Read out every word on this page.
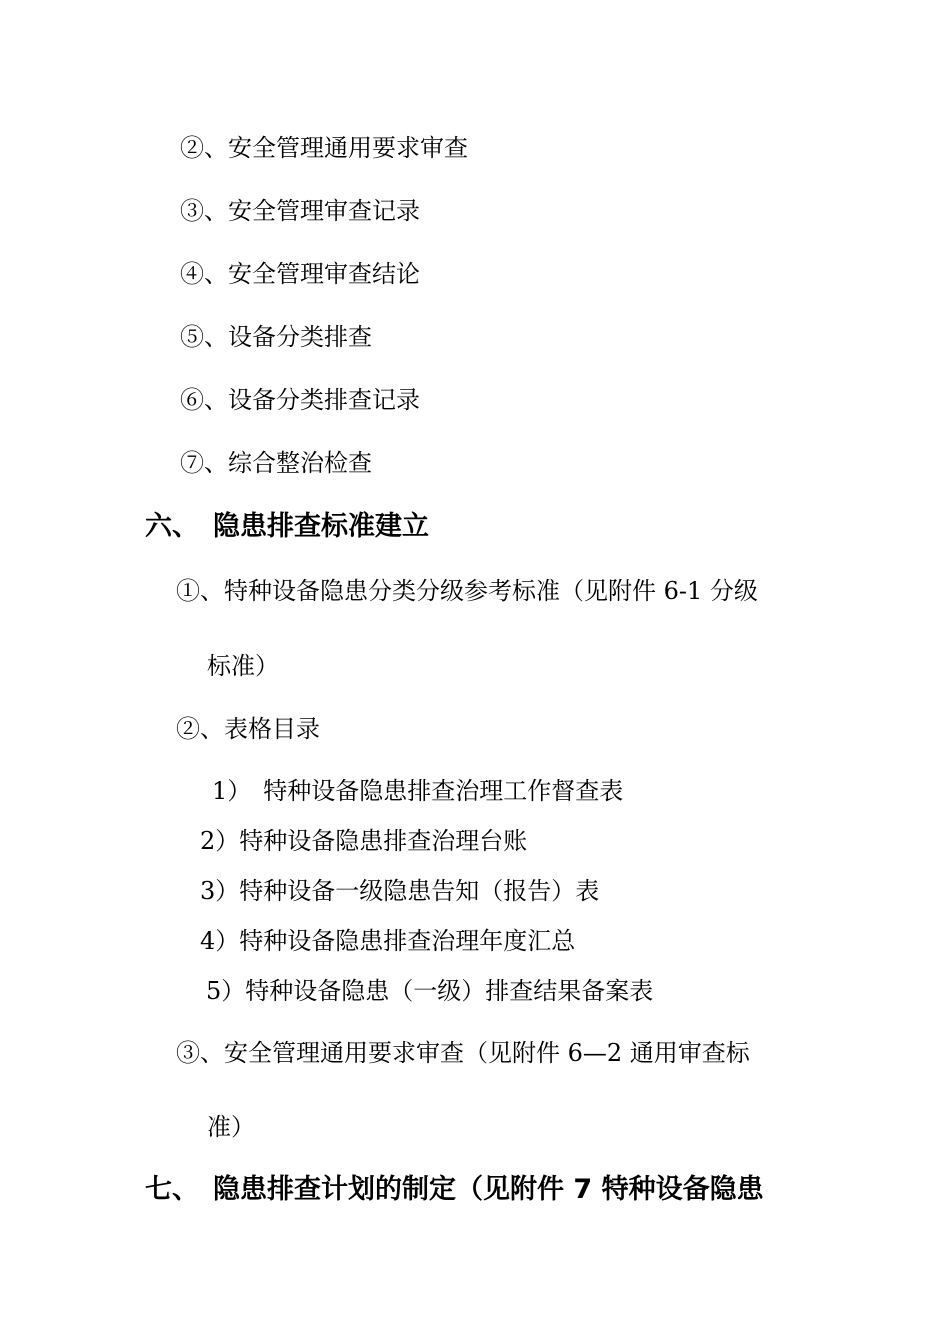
②、安全管理通用要求审查
③、安全管理审查记录
④、安全管理审查结论
⑤、设备分类排查
⑥、设备分类排查记录
⑦、综合整治检查
六、 隐患排查标准建立
①、特种设备隐患分类分级参考标准（见附件 6-1 分级
标准）
②、表格目录
1）　特种设备隐患排查治理工作督查表
2）特种设备隐患排查治理台账
3）特种设备一级隐患告知（报告）表
4）特种设备隐患排查治理年度汇总
5）特种设备隐患（一级）排查结果备案表
③、安全管理通用要求审查（见附件 6—2 通用审查标
准）
七、 隐患排查计划的制定（见附件 7 特种设备隐患
